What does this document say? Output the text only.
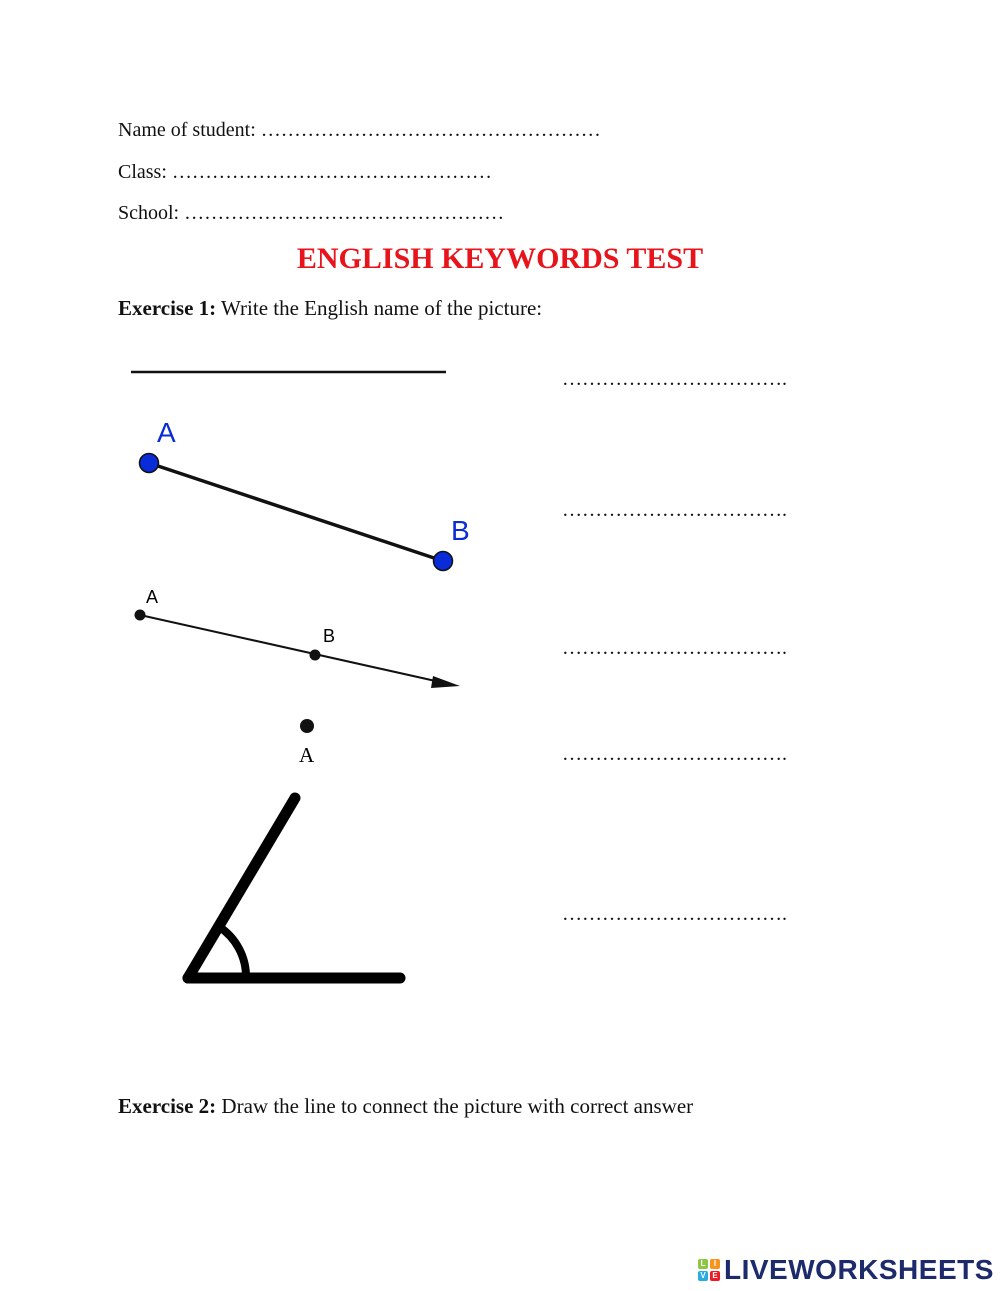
Name of student: ……………………………………………
Class: …………………………………………
School: …………………………………………
ENGLISH KEYWORDS TEST
Exercise 1: Write the English name of the picture:
…………………………….
…………………………….
…………………………….
…………………………….
…………………………….
A
B
A
B
A
Exercise 2: Draw the line to connect the picture with correct answer
L	I
V E LIVEWORKSHEETS
